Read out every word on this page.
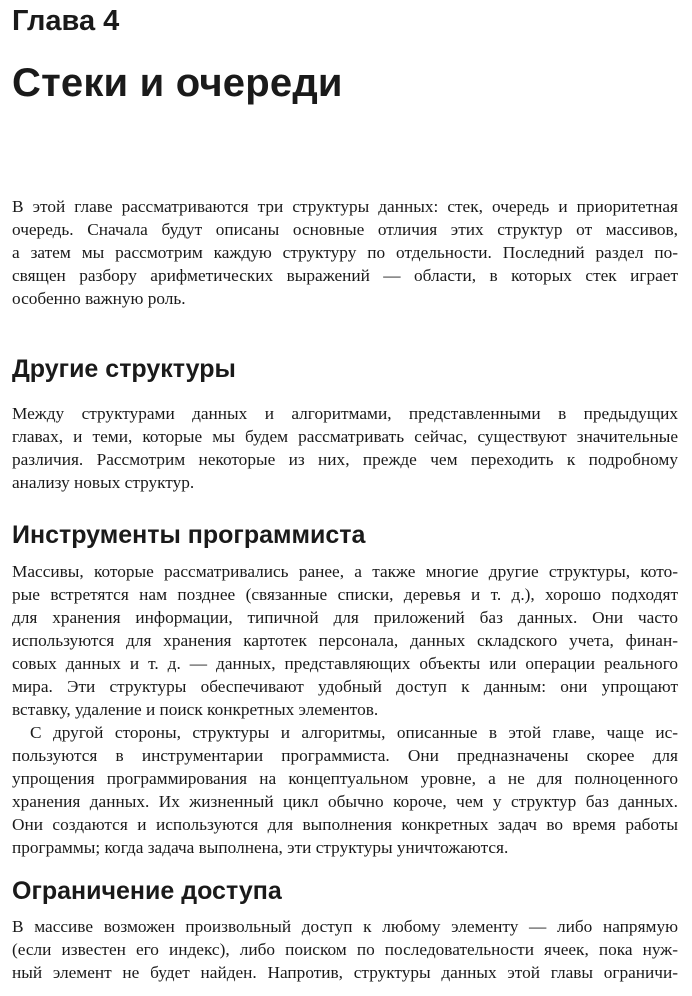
Глава 4
Стеки и очереди

В этой главе рассматриваются три структуры данных: стек, очередь и приоритетная

очередь. Сначала будут описаны основные отличия этих структур от массивов,

а затем мы рассмотрим каждую структуру по отдельности. Последний раздел по-

священ разбору арифметических выражений — области, в которых стек играет

особенно важную роль.

Другие структуры

Между структурами данных и алгоритмами, представленными в предыдущих

главах, и теми, которые мы будем рассматривать сейчас, существуют значительные

различия. Рассмотрим некоторые из них, прежде чем переходить к подробному

анализу новых структур.

Инструменты программиста

Массивы, которые рассматривались ранее, а также многие другие структуры, кото-

рые встретятся нам позднее (связанные списки, деревья и т. д.), хорошо подходят

для хранения информации, типичной для приложений баз данных. Они часто

используются для хранения картотек персонала, данных складского учета, финан-

совых данных и т. д. — данных, представляющих объекты или операции реального

мира. Эти структуры обеспечивают удобный доступ к данным: они упрощают

вставку, удаление и поиск конкретных элементов.

С другой стороны, структуры и алгоритмы, описанные в этой главе, чаще ис-

пользуются в инструментарии программиста. Они предназначены скорее для

упрощения программирования на концептуальном уровне, а не для полноценного

хранения данных. Их жизненный цикл обычно короче, чем у структур баз данных.

Они создаются и используются для выполнения конкретных задач во время работы

программы; когда задача выполнена, эти структуры уничтожаются.

Ограничение доступа

В массиве возможен произвольный доступ к любому элементу — либо напрямую

(если известен его индекс), либо поиском по последовательности ячеек, пока нуж-

ный элемент не будет найден. Напротив, структуры данных этой главы ограничи-
